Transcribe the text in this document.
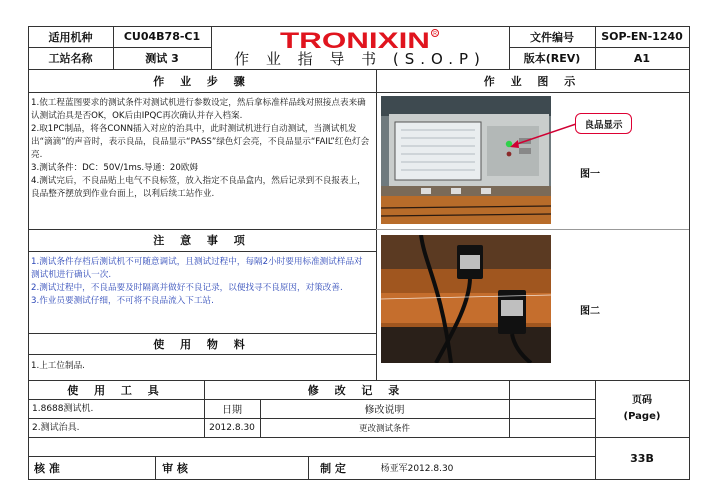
适用机种	CU04B78-C1
工站名称	测试 3
TRONIXIN R
作 业 指 导 书 (S.O.P)
文件编号	SOP-EN-1240
版本(REV)	A1
作 业 步 骤	作 业 图 示

1.依工程蓝图要求的测试条件对测试机进行参数设定，然后拿标准样品线对照接点表来确认测试治具是否OK，OK后由IPQC再次确认并存入档案.

2.取1PC制品，将各CONN插入对应的治具中，此时测试机进行自动测试，当测试机发出“滴滴”的声音时，表示良品，良品显示“PASS”绿色灯会亮，不良品显示“FAIL”红色灯会亮.

3.测试条件：DC：50V/1ms.导通：20欧姆

4.测试完后，不良品贴上电气不良标签，放入指定不良品盒内，然后记录到不良报表上，良品整齐摆放到作业台面上，以利后续工站作业.

注 意 事 项

1.测试条件存档后测试机不可随意调试，且测试过程中，每隔2小时要用标准测试样品对测试机进行确认一次.

2.测试过程中，不良品要及时隔离并做好不良记录，以便找寻不良原因，对策改善.

3.作业员要测试仔细，不可将不良品流入下工站.

使 用 物 料

1.上工位制品.

良品显示
图一
图二
使 用 工 具	修 改 记 录
1.8688测试机.
2.测试治具.
日期	修改说明
2012.8.30	更改测试条件
页码
(Page)
33B
核 准	审 核	制 定	杨亚军2012.8.30
